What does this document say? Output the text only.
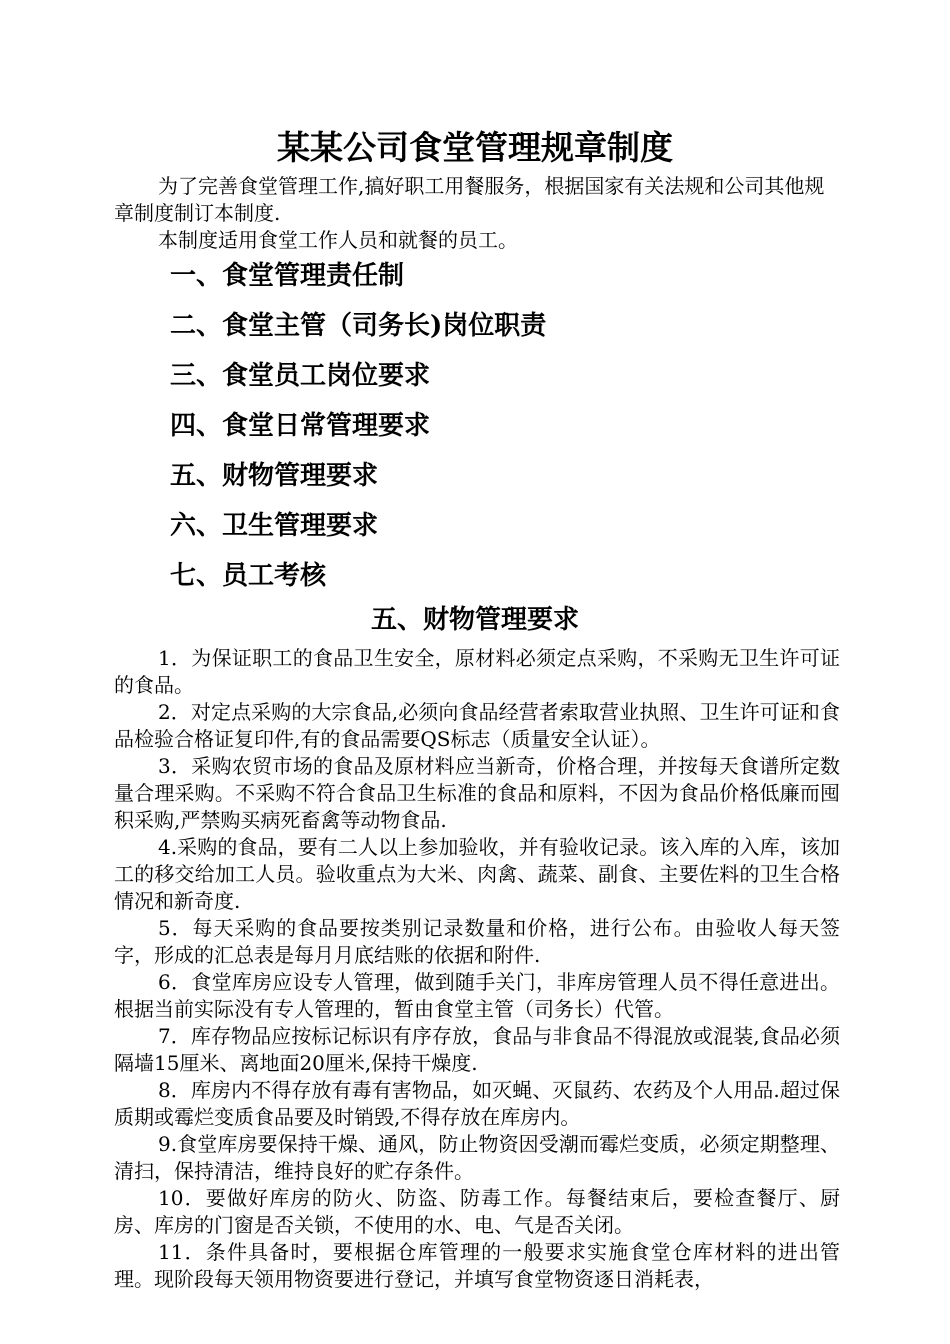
某某公司食堂管理规章制度

为了完善食堂管理工作,搞好职工用餐服务，根据国家有关法规和公司其他规章制度制订本制度.

本制度适用食堂工作人员和就餐的员工。

一、食堂管理责任制
二、食堂主管（司务长)岗位职责
三、食堂员工岗位要求
四、食堂日常管理要求
五、财物管理要求
六、卫生管理要求
七、员工考核
五、财物管理要求

1．为保证职工的食品卫生安全，原材料必须定点采购，不采购无卫生许可证的食品。

2．对定点采购的大宗食品,必须向食品经营者索取营业执照、卫生许可证和食品检验合格证复印件,有的食品需要QS标志（质量安全认证）。

3．采购农贸市场的食品及原材料应当新奇，价格合理，并按每天食谱所定数量合理采购。不采购不符合食品卫生标准的食品和原料，不因为食品价格低廉而囤积采购,严禁购买病死畜禽等动物食品.

4.采购的食品，要有二人以上参加验收，并有验收记录。该入库的入库，该加工的移交给加工人员。验收重点为大米、肉禽、蔬菜、副食、主要佐料的卫生合格情况和新奇度.

5．每天采购的食品要按类别记录数量和价格，进行公布。由验收人每天签字，形成的汇总表是每月月底结账的依据和附件.

6．食堂库房应设专人管理，做到随手关门，非库房管理人员不得任意进出。根据当前实际没有专人管理的，暂由食堂主管（司务长）代管。

7．库存物品应按标记标识有序存放，食品与非食品不得混放或混装,食品必须隔墙15厘米、离地面20厘米,保持干燥度.

8．库房内不得存放有毒有害物品，如灭蝇、灭鼠药、农药及个人用品.超过保质期或霉烂变质食品要及时销毁,不得存放在库房内。

9.食堂库房要保持干燥、通风，防止物资因受潮而霉烂变质，必须定期整理、清扫，保持清洁，维持良好的贮存条件。

10．要做好库房的防火、防盗、防毒工作。每餐结束后，要检查餐厅、厨房、库房的门窗是否关锁，不使用的水、电、气是否关闭。

11．条件具备时，要根据仓库管理的一般要求实施食堂仓库材料的进出管理。现阶段每天领用物资要进行登记，并填写食堂物资逐日消耗表，
